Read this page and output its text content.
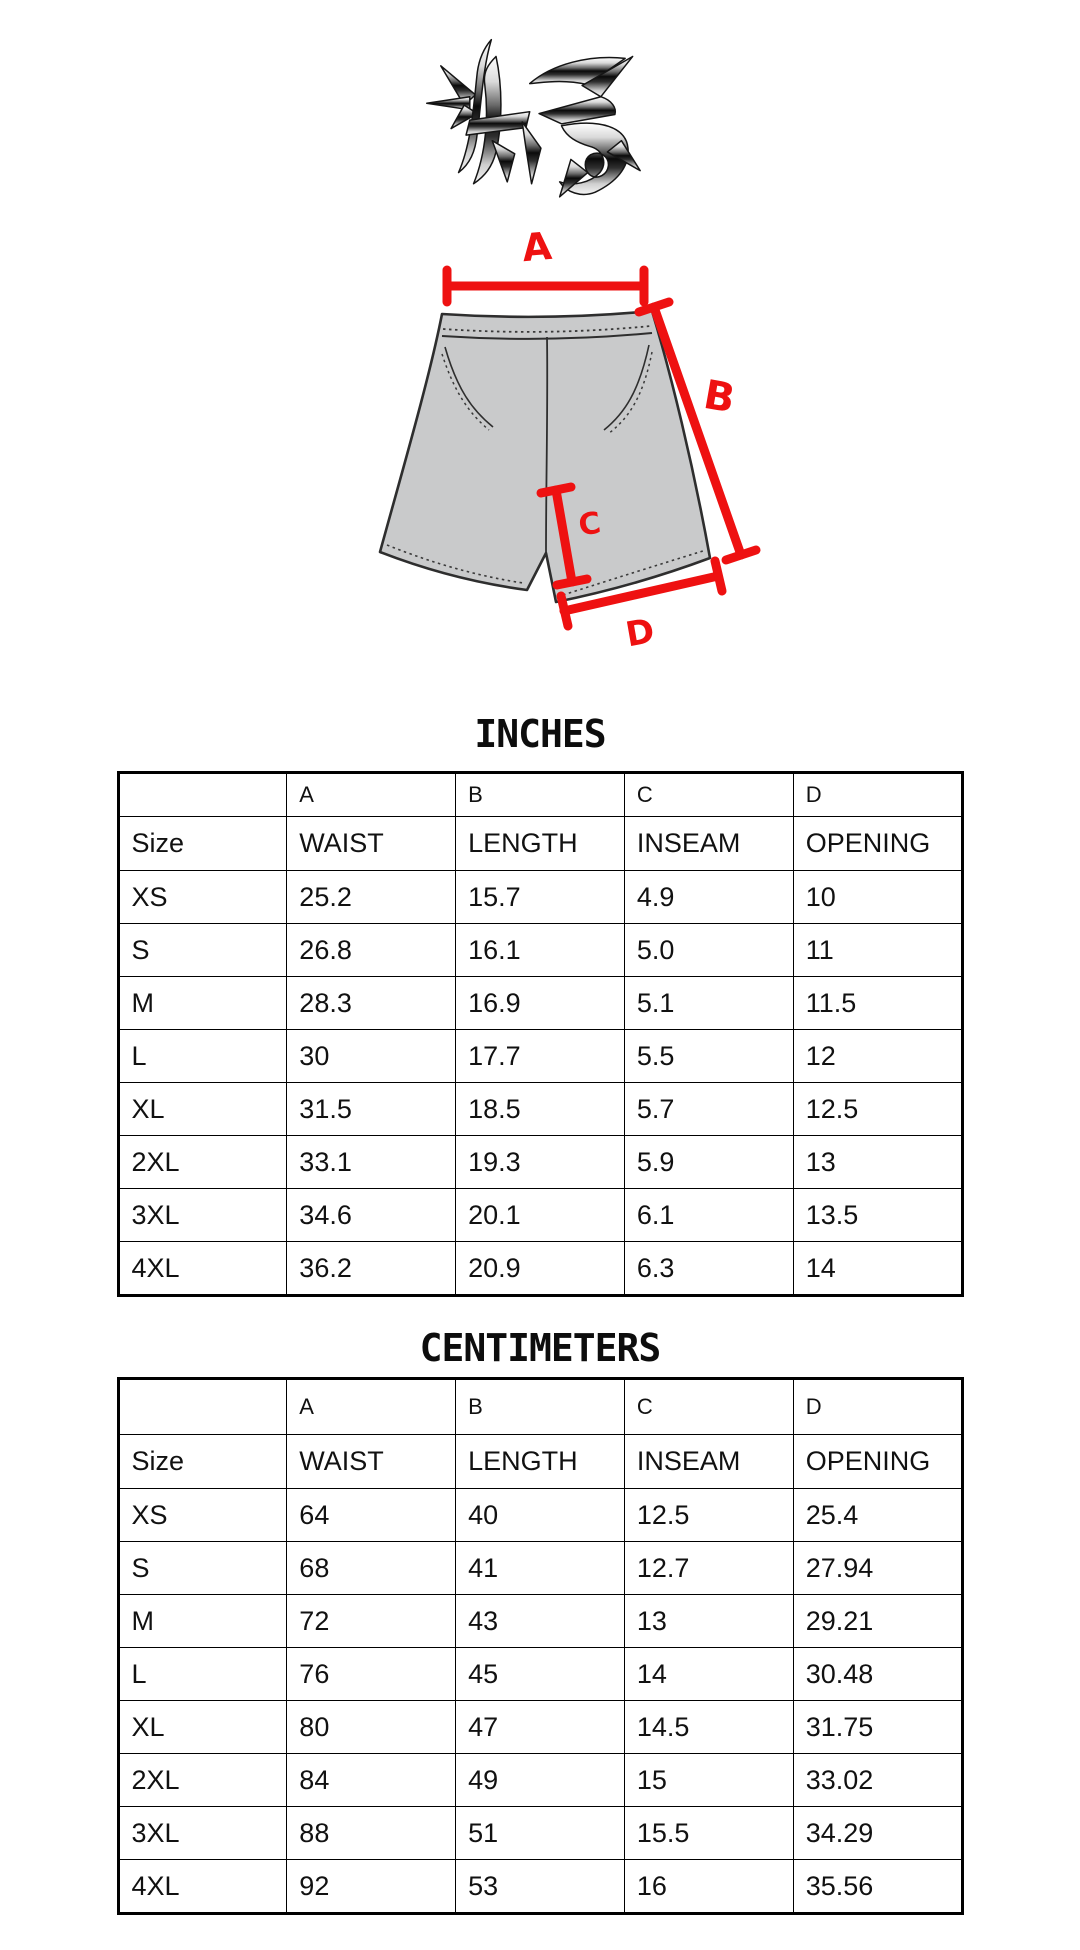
A
B
C
D
INCHES
	A	B	C	D
Size	WAIST	LENGTH	INSEAM	OPENING
XS	25.2	15.7	4.9	10
S	26.8	16.1	5.0	11
M	28.3	16.9	5.1	11.5
L	30	17.7	5.5	12
XL	31.5	18.5	5.7	12.5
2XL	33.1	19.3	5.9	13
3XL	34.6	20.1	6.1	13.5
4XL	36.2	20.9	6.3	14
CENTIMETERS
	A	B	C	D
Size	WAIST	LENGTH	INSEAM	OPENING
XS	64	40	12.5	25.4
S	68	41	12.7	27.94
M	72	43	13	29.21
L	76	45	14	30.48
XL	80	47	14.5	31.75
2XL	84	49	15	33.02
3XL	88	51	15.5	34.29
4XL	92	53	16	35.56
